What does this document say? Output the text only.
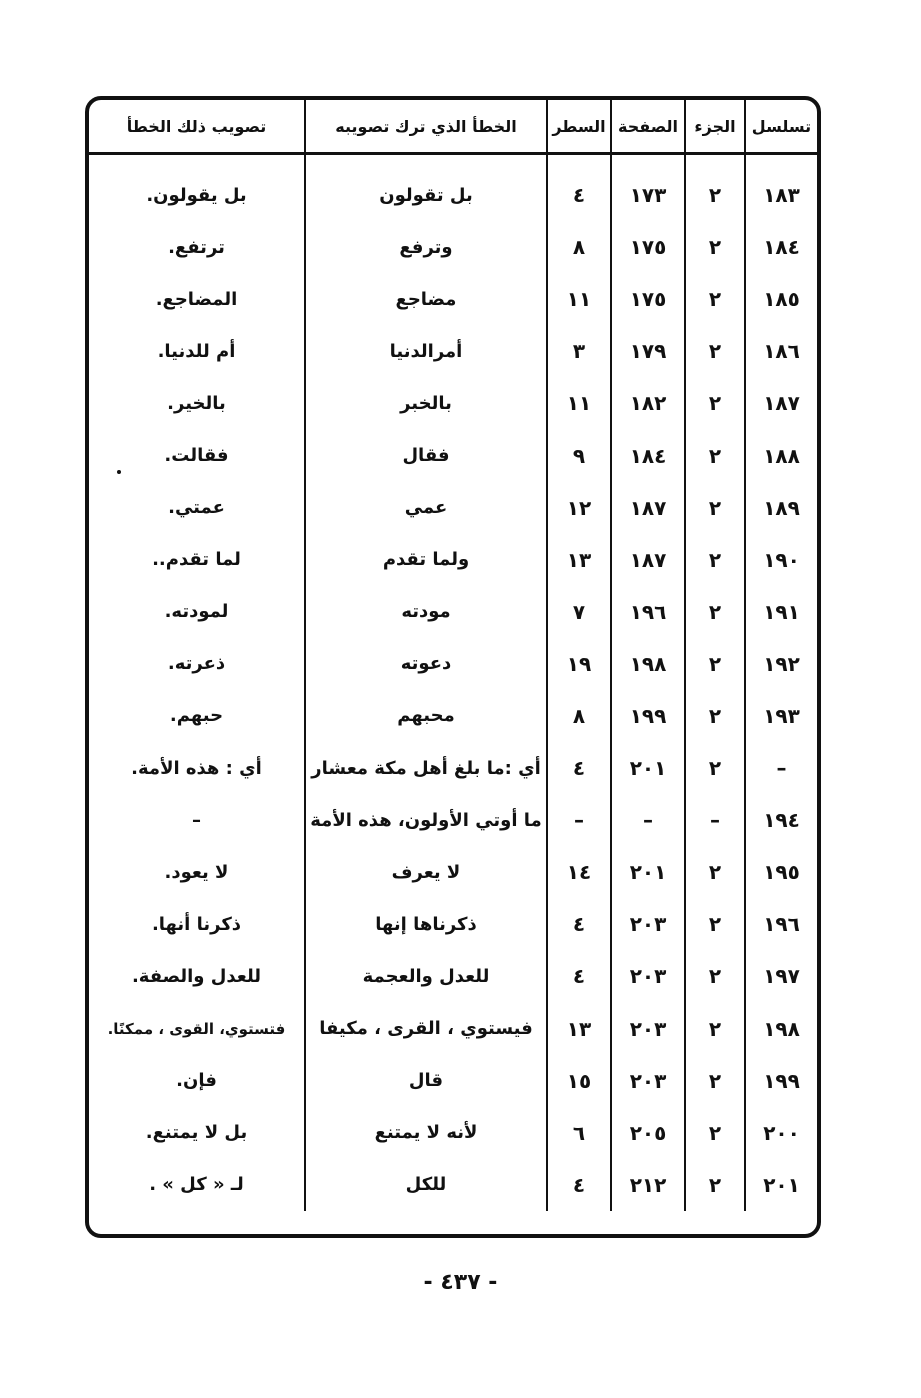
تسلسل	الجزء	الصفحة	السطر	الخطأ الذي ترك تصويبه	تصويب ذلك الخطأ
١٨٣	٢	١٧٣	٤	بل تقولون	بل يقولون.
١٨٤	٢	١٧٥	٨	وترفع	ترتفع.
١٨٥	٢	١٧٥	١١	مضاجع	المضاجع.
١٨٦	٢	١٧٩	٣	أمرالدنيا	أم للدنيا.
١٨٧	٢	١٨٢	١١	بالخبر	بالخير.
١٨٨	٢	١٨٤	٩	فقال	فقالت.
١٨٩	٢	١٨٧	١٢	عمي	عمتي.
١٩٠	٢	١٨٧	١٣	ولما تقدم	لما تقدم..
١٩١	٢	١٩٦	٧	مودته	لمودته.
١٩٢	٢	١٩٨	١٩	دعوته	ذعرته.
١٩٣	٢	١٩٩	٨	محبهم	حبهم.
–	٢	٢٠١	٤	أي :ما بلغ أهل مكة معشار	أي : هذه الأمة.
١٩٤	–	–	–	ما أوتي الأولون، هذه الأمة	–
١٩٥	٢	٢٠١	١٤	لا يعرف	لا يعود.
١٩٦	٢	٢٠٣	٤	ذكرناها إنها	ذكرنا أنها.
١٩٧	٢	٢٠٣	٤	للعدل والعجمة	للعدل والصفة.
١٩٨	٢	٢٠٣	١٣	فيستوي ، القرى ، مكيفا	فتستوي، القوى ، ممكنًا.
١٩٩	٢	٢٠٣	١٥	قال	فإن.
٢٠٠	٢	٢٠٥	٦	لأنه لا يمتنع	بل لا يمتنع.
٢٠١	٢	٢١٢	٤	للكل	لـ « كل » .
- ٤٣٧ -
